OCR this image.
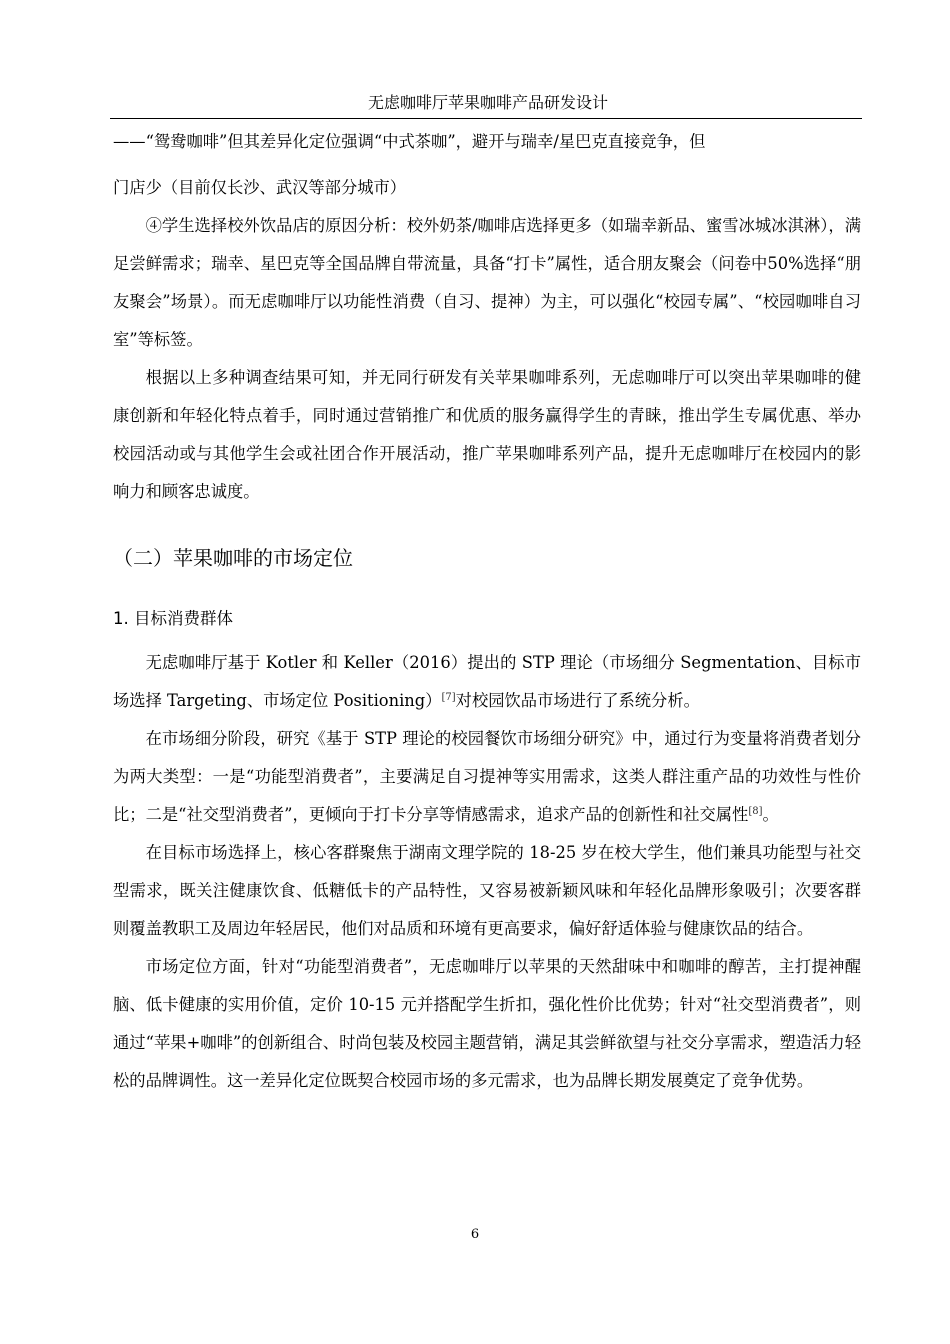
无虑咖啡厅苹果咖啡产品研发设计

——“鸳鸯咖啡”但其差异化定位强调“中式茶咖”，避开与瑞幸/星巴克直接竞争，但

门店少（目前仅长沙、武汉等部分城市）

④学生选择校外饮品店的原因分析：校外奶茶/咖啡店选择更多（如瑞幸新品、蜜雪冰城冰淇淋），满足尝鲜需求；瑞幸、星巴克等全国品牌自带流量，具备“打卡”属性，适合朋友聚会（问卷中50%选择“朋友聚会”场景）。而无虑咖啡厅以功能性消费（自习、提神）为主，可以强化“校园专属”、“校园咖啡自习室”等标签。

根据以上多种调查结果可知，并无同行研发有关苹果咖啡系列，无虑咖啡厅可以突出苹果咖啡的健康创新和年轻化特点着手，同时通过营销推广和优质的服务赢得学生的青睐，推出学生专属优惠、举办校园活动或与其他学生会或社团合作开展活动，推广苹果咖啡系列产品，提升无虑咖啡厅在校园内的影响力和顾客忠诚度。

（二）苹果咖啡的市场定位
1. 目标消费群体

无虑咖啡厅基于 Kotler 和 Keller（2016）提出的 STP 理论（市场细分 Segmentation、目标市场选择 Targeting、市场定位 Positioning）[7]对校园饮品市场进行了系统分析。

在市场细分阶段，研究《基于 STP 理论的校园餐饮市场细分研究》中，通过行为变量将消费者划分为两大类型：一是“功能型消费者”，主要满足自习提神等实用需求，这类人群注重产品的功效性与性价比；二是“社交型消费者”，更倾向于打卡分享等情感需求，追求产品的创新性和社交属性[8]。

在目标市场选择上，核心客群聚焦于湖南文理学院的 18-25 岁在校大学生，他们兼具功能型与社交型需求，既关注健康饮食、低糖低卡的产品特性，又容易被新颖风味和年轻化品牌形象吸引；次要客群则覆盖教职工及周边年轻居民，他们对品质和环境有更高要求，偏好舒适体验与健康饮品的结合。

市场定位方面，针对“功能型消费者”，无虑咖啡厅以苹果的天然甜味中和咖啡的醇苦，主打提神醒脑、低卡健康的实用价值，定价 10-15 元并搭配学生折扣，强化性价比优势；针对“社交型消费者”，则通过“苹果+咖啡”的创新组合、时尚包装及校园主题营销，满足其尝鲜欲望与社交分享需求，塑造活力轻松的品牌调性。这一差异化定位既契合校园市场的多元需求，也为品牌长期发展奠定了竞争优势。

6
